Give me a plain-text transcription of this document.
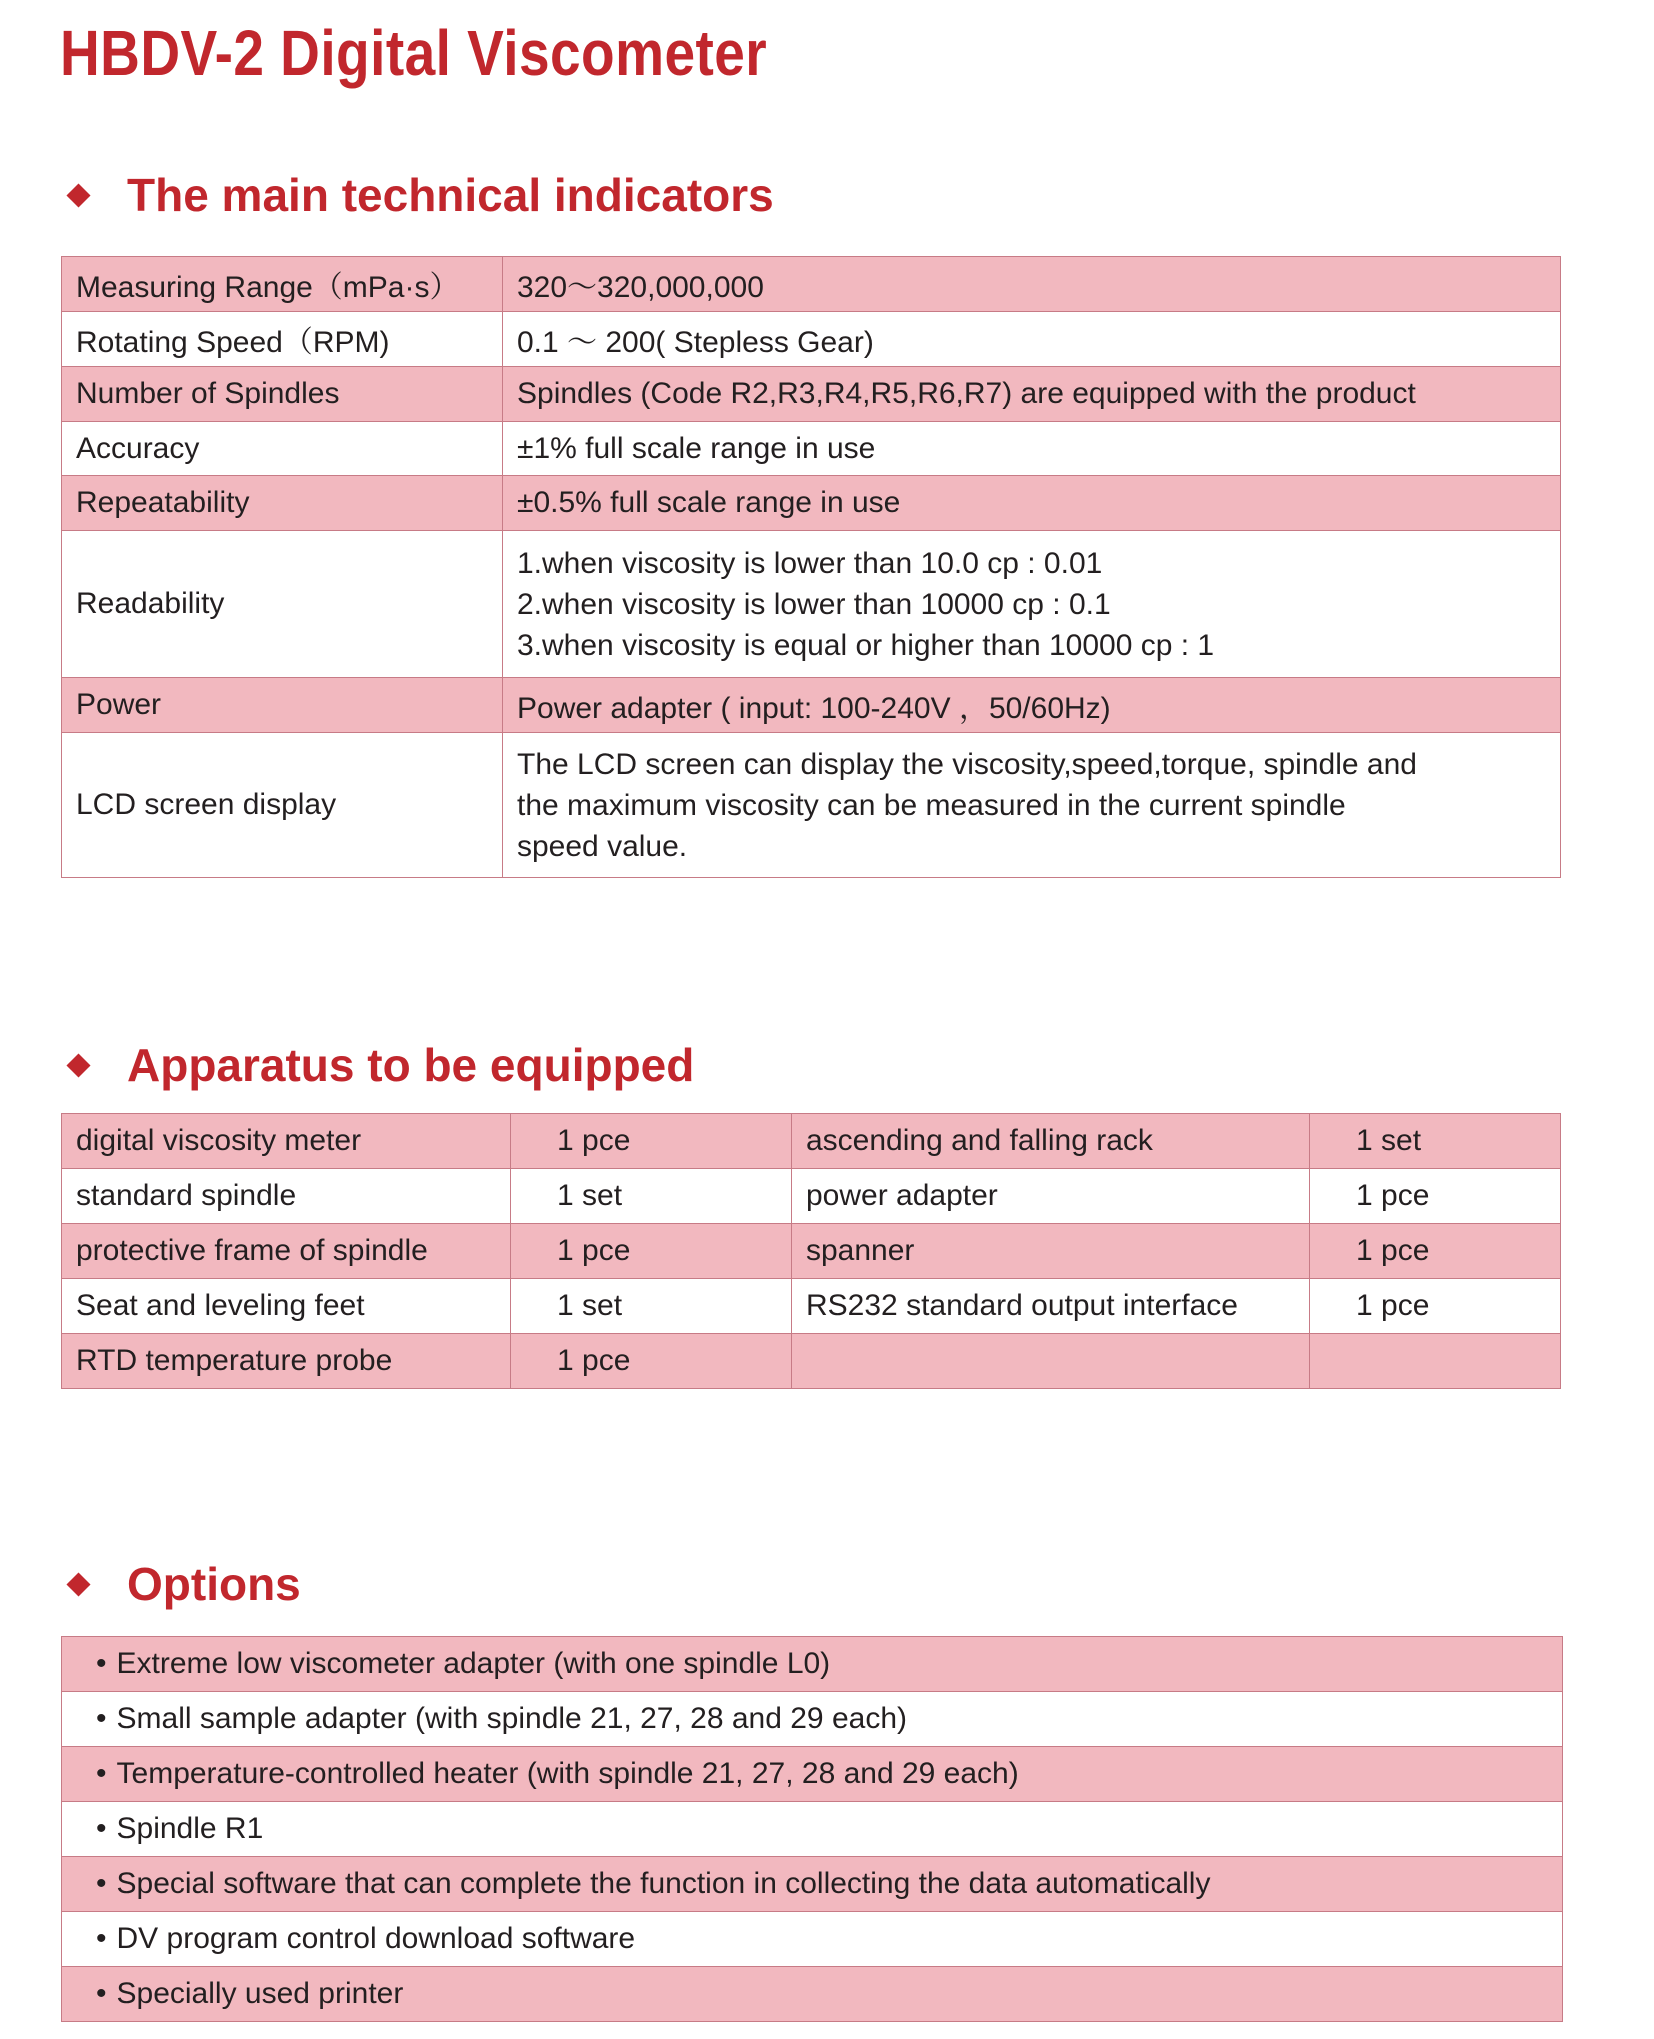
HBDV-2 Digital Viscometer
The main technical indicators
Measuring Range（mPa·s）	320～320,000,000
Rotating Speed（RPM)	0.1 ～ 200( Stepless Gear)
Number of Spindles	Spindles (Code R2,R3,R4,R5,R6,R7) are equipped with the product
Accuracy	±1% full scale range in use
Repeatability	±0.5% full scale range in use
Readability	1.when viscosity is lower than 10.0 cp : 0.01
2.when viscosity is lower than 10000 cp : 0.1
3.when viscosity is equal or higher than 10000 cp : 1

Power	Power adapter ( input: 100-240V ，50/60Hz)
LCD screen display	The LCD screen can display the viscosity,speed,torque, spindle and
the maximum viscosity can be measured in the current spindle
speed value.
Apparatus to be equipped
digital viscosity meter	1 pce	ascending and falling rack	1 set
standard spindle	1 set	power adapter	1 pce
protective frame of spindle	1 pce	spanner	1 pce
Seat and leveling feet	1 set	RS232 standard output interface	1 pce
RTD temperature probe	1 pce		
Options
• Extreme low viscometer adapter (with one spindle L0)
• Small sample adapter (with spindle 21, 27, 28 and 29 each)
• Temperature-controlled heater (with spindle 21, 27, 28 and 29 each)
• Spindle R1
• Special software that can complete the function in collecting the data automatically
• DV program control download software
• Specially used printer
